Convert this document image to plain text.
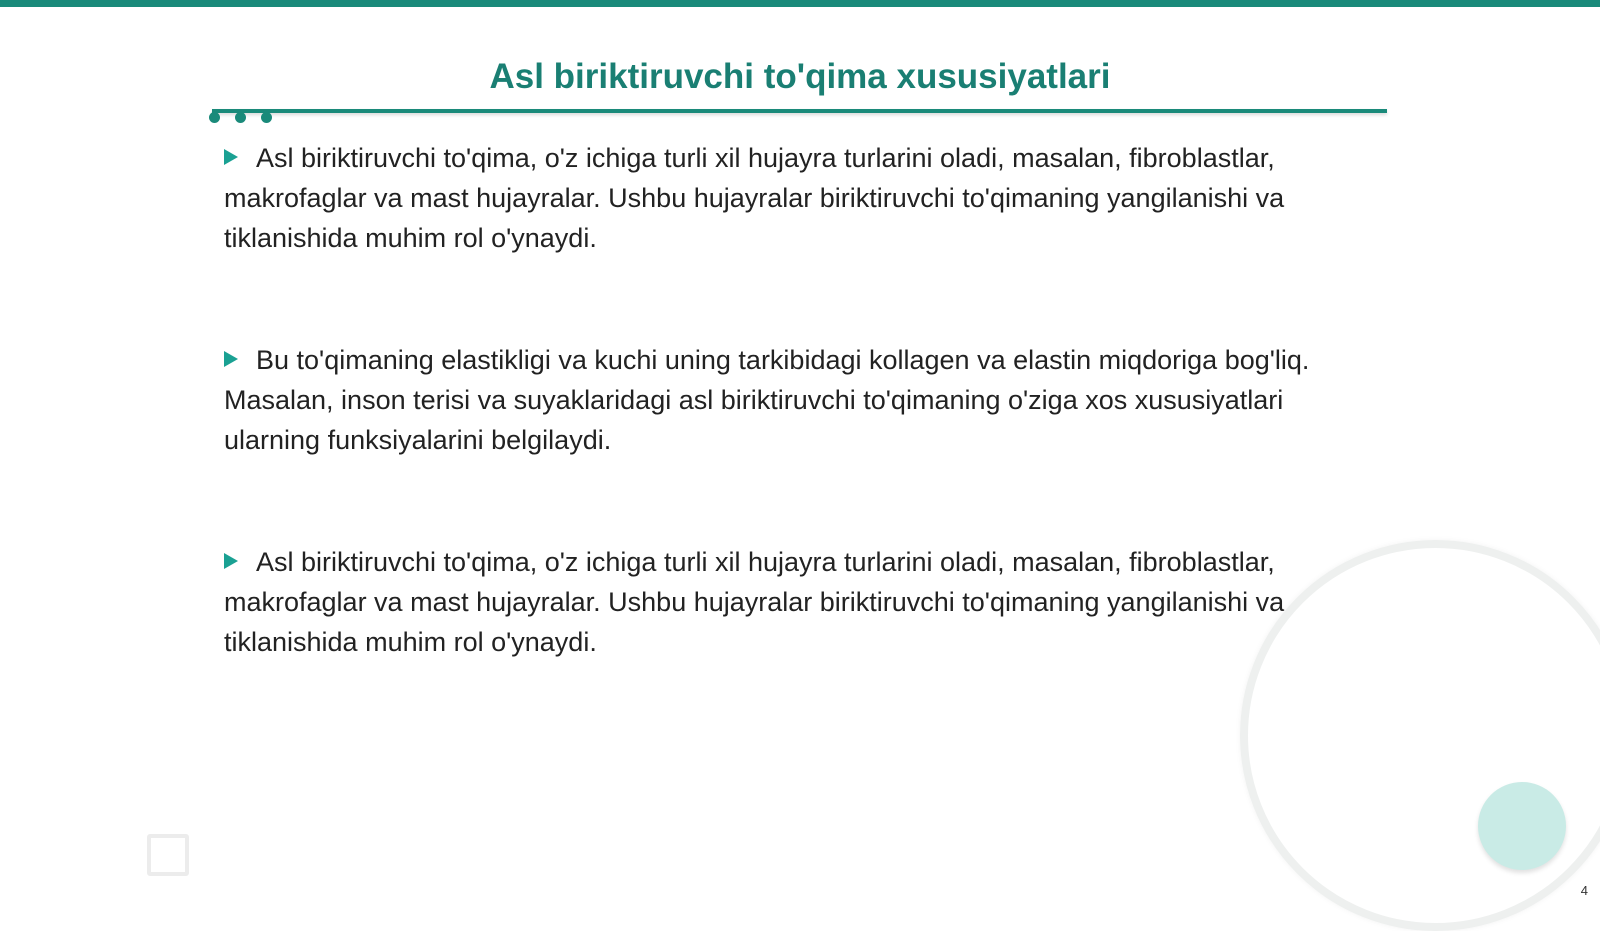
Asl biriktiruvchi to'qima xususiyatlari

Asl biriktiruvchi to'qima, o'z ichiga turli xil hujayra turlarini oladi, masalan, fibroblastlar, makrofaglar va mast hujayralar. Ushbu hujayralar biriktiruvchi to'qimaning yangilanishi va tiklanishida muhim rol o'ynaydi.

Bu to'qimaning elastikligi va kuchi uning tarkibidagi kollagen va elastin miqdoriga bog'liq. Masalan, inson terisi va suyaklaridagi asl biriktiruvchi to'qimaning o'ziga xos xususiyatlari ularning funksiyalarini belgilaydi.

Asl biriktiruvchi to'qima, o'z ichiga turli xil hujayra turlarini oladi, masalan, fibroblastlar, makrofaglar va mast hujayralar. Ushbu hujayralar biriktiruvchi to'qimaning yangilanishi va tiklanishida muhim rol o'ynaydi.

4
